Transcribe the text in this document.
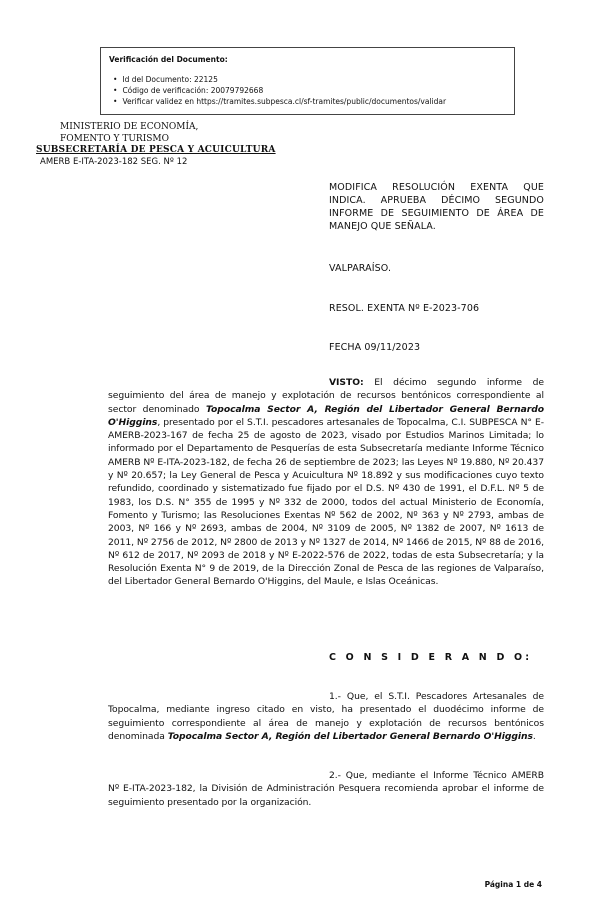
Verificación del Documento:

• Id del Documento: 22125
• Código de verificación: 20079792668
• Verificar validez en https://tramites.subpesca.cl/sf-tramites/public/documentos/validar
MINISTERIO DE ECONOMÍA,
FOMENTO Y TURISMO
SUBSECRETARÍA DE PESCA Y ACUICULTURA
AMERB E-ITA-2023-182 SEG. Nº 12
MODIFICA RESOLUCIÓN EXENTA QUE INDICA. APRUEBA DÉCIMO SEGUNDO INFORME DE SEGUIMIENTO DE ÁREA DE MANEJO QUE SEÑALA.
VALPARAÍSO.
RESOL. EXENTA Nº E-2023-706
FECHA 09/11/2023
VISTO: El décimo segundo informe de seguimiento del área de manejo y explotación de recursos bentónicos correspondiente al sector denominado Topocalma Sector A, Región del Libertador General Bernardo O'Higgins, presentado por el S.T.I. pescadores artesanales de Topocalma, C.I. SUBPESCA N° E-AMERB-2023-167 de fecha 25 de agosto de 2023, visado por Estudios Marinos Limitada; lo informado por el Departamento de Pesquerías de esta Subsecretaría mediante Informe Técnico AMERB Nº E-ITA-2023-182, de fecha 26 de septiembre de 2023; las Leyes Nº 19.880, Nº 20.437 y Nº 20.657; la Ley General de Pesca y Acuicultura Nº 18.892 y sus modificaciones cuyo texto refundido, coordinado y sistematizado fue fijado por el D.S. Nº 430 de 1991, el D.F.L. Nº 5 de 1983, los D.S. N° 355 de 1995 y Nº 332 de 2000, todos del actual Ministerio de Economía, Fomento y Turismo; las Resoluciones Exentas Nº 562 de 2002, Nº 363 y Nº 2793, ambas de 2003, Nº 166 y Nº 2693, ambas de 2004, Nº 3109 de 2005, Nº 1382 de 2007, Nº 1613 de 2011, Nº 2756 de 2012, Nº 2800 de 2013 y Nº 1327 de 2014, Nº 1466 de 2015, Nº 88 de 2016, Nº 612 de 2017, Nº 2093 de 2018 y Nº E-2022-576 de 2022, todas de esta Subsecretaría; y la Resolución Exenta N° 9 de 2019, de la Dirección Zonal de Pesca de las regiones de Valparaíso, del Libertador General Bernardo O'Higgins, del Maule, e Islas Oceánicas.
C O N S I D E R A N D O:
1.- Que, el S.T.I. Pescadores Artesanales de Topocalma, mediante ingreso citado en visto, ha presentado el duodécimo informe de seguimiento correspondiente al área de manejo y explotación de recursos bentónicos denominada Topocalma Sector A, Región del Libertador General Bernardo O'Higgins.
2.- Que, mediante el Informe Técnico AMERB Nº E-ITA-2023-182, la División de Administración Pesquera recomienda aprobar el informe de seguimiento presentado por la organización.
Página 1 de 4
